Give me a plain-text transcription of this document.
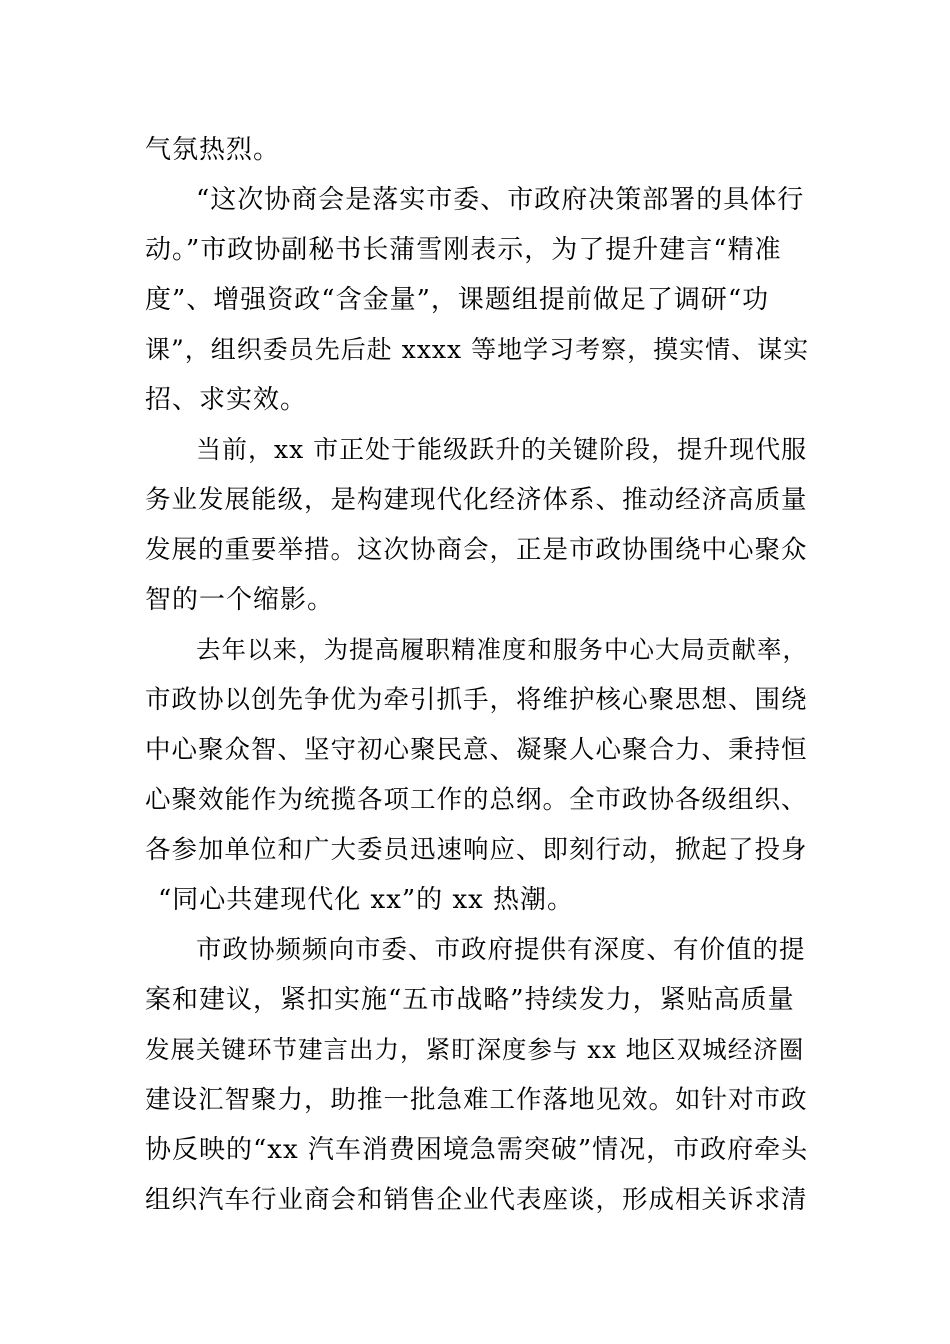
气氛热烈。
“这次协商会是落实市委、市政府决策部署的具体行
动。”市政协副秘书长蒲雪刚表示，为了提升建言“精准
度”、增强资政“含金量”，课题组提前做足了调研“功
课”，组织委员先后赴 xxxx 等地学习考察，摸实情、谋实
招、求实效。
当前，xx 市正处于能级跃升的关键阶段，提升现代服
务业发展能级，是构建现代化经济体系、推动经济高质量
发展的重要举措。这次协商会，正是市政协围绕中心聚众
智的一个缩影。
去年以来，为提高履职精准度和服务中心大局贡献率，
市政协以创先争优为牵引抓手，将维护核心聚思想、围绕
中心聚众智、坚守初心聚民意、凝聚人心聚合力、秉持恒
心聚效能作为统揽各项工作的总纲。全市政协各级组织、
各参加单位和广大委员迅速响应、即刻行动，掀起了投身
“同心共建现代化 xx”的 xx 热潮。
市政协频频向市委、市政府提供有深度、有价值的提
案和建议，紧扣实施“五市战略”持续发力，紧贴高质量
发展关键环节建言出力，紧盯深度参与 xx 地区双城经济圈
建设汇智聚力，助推一批急难工作落地见效。如针对市政
协反映的“xx 汽车消费困境急需突破”情况，市政府牵头
组织汽车行业商会和销售企业代表座谈，形成相关诉求清
